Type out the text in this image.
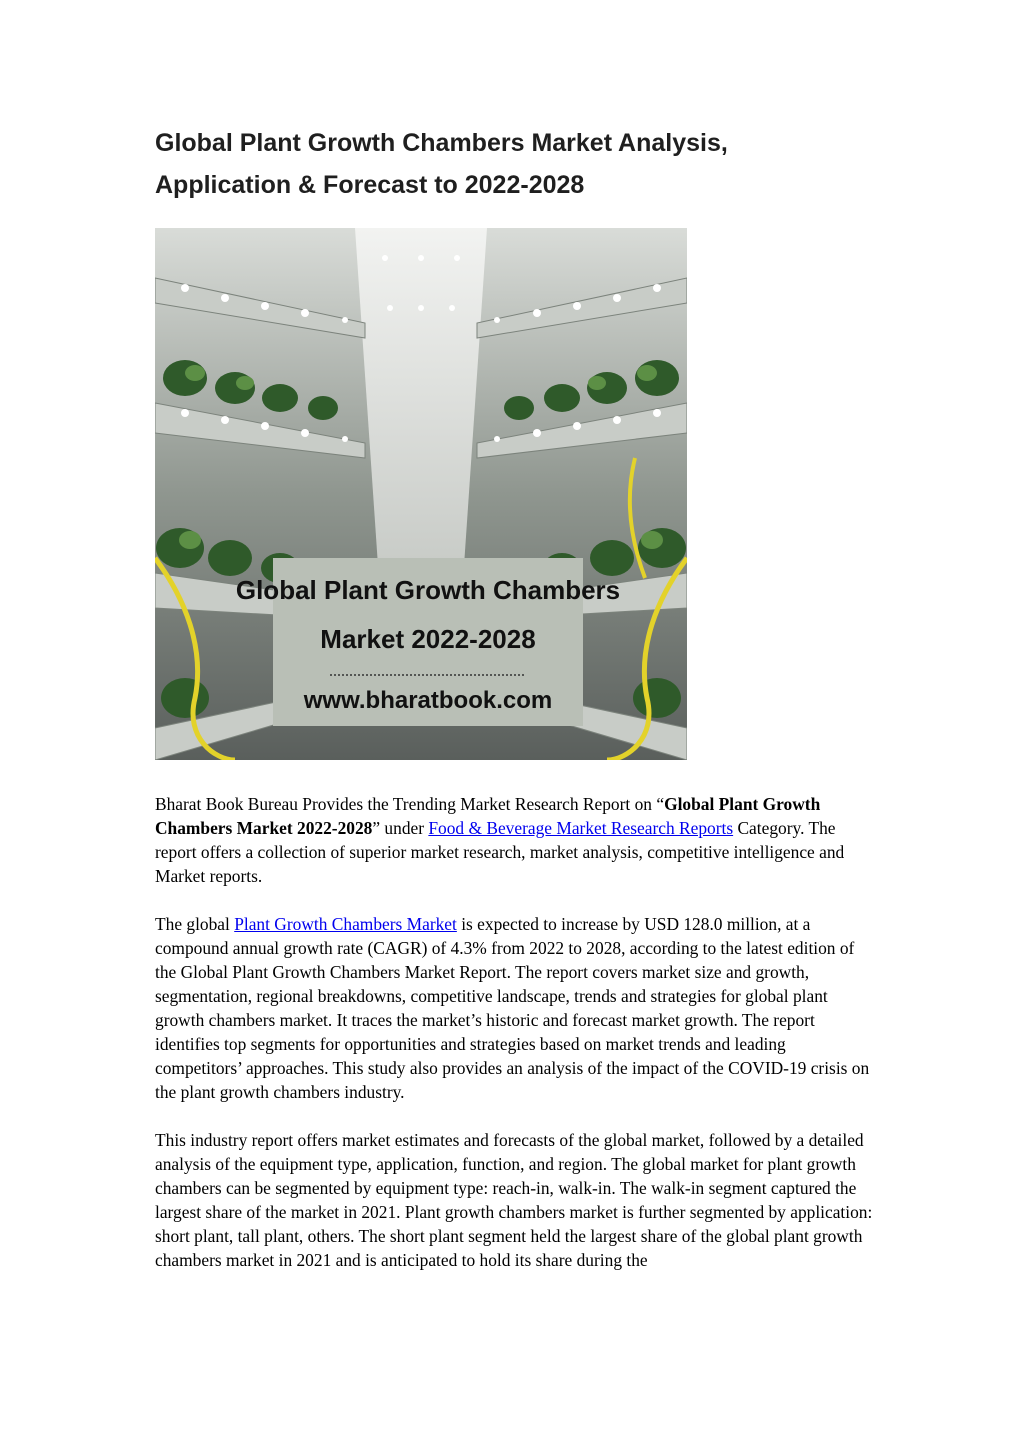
Global Plant Growth Chambers Market Analysis,
Application & Forecast to 2022-2028
Global Plant Growth Chambers
Market 2022-2028
www.bharatbook.com

Bharat Book Bureau Provides the Trending Market Research Report on “Global Plant Growth Chambers Market 2022-2028” under Food & Beverage Market Research Reports Category. The report offers a collection of superior market research, market analysis, competitive intelligence and Market reports.

The global Plant Growth Chambers Market is expected to increase by USD 128.0 million, at a compound annual growth rate (CAGR) of 4.3% from 2022 to 2028, according to the latest edition of the Global Plant Growth Chambers Market Report. The report covers market size and growth, segmentation, regional breakdowns, competitive landscape, trends and strategies for global plant growth chambers market. It traces the market’s historic and forecast market growth. The report identifies top segments for opportunities and strategies based on market trends and leading competitors’ approaches. This study also provides an analysis of the impact of the COVID-19 crisis on the plant growth chambers industry.

This industry report offers market estimates and forecasts of the global market, followed by a detailed analysis of the equipment type, application, function, and region. The global market for plant growth chambers can be segmented by equipment type: reach-in, walk-in. The walk-in segment captured the largest share of the market in 2021. Plant growth chambers market is further segmented by application: short plant, tall plant, others. The short plant segment held the largest share of the global plant growth chambers market in 2021 and is anticipated to hold its share during the
